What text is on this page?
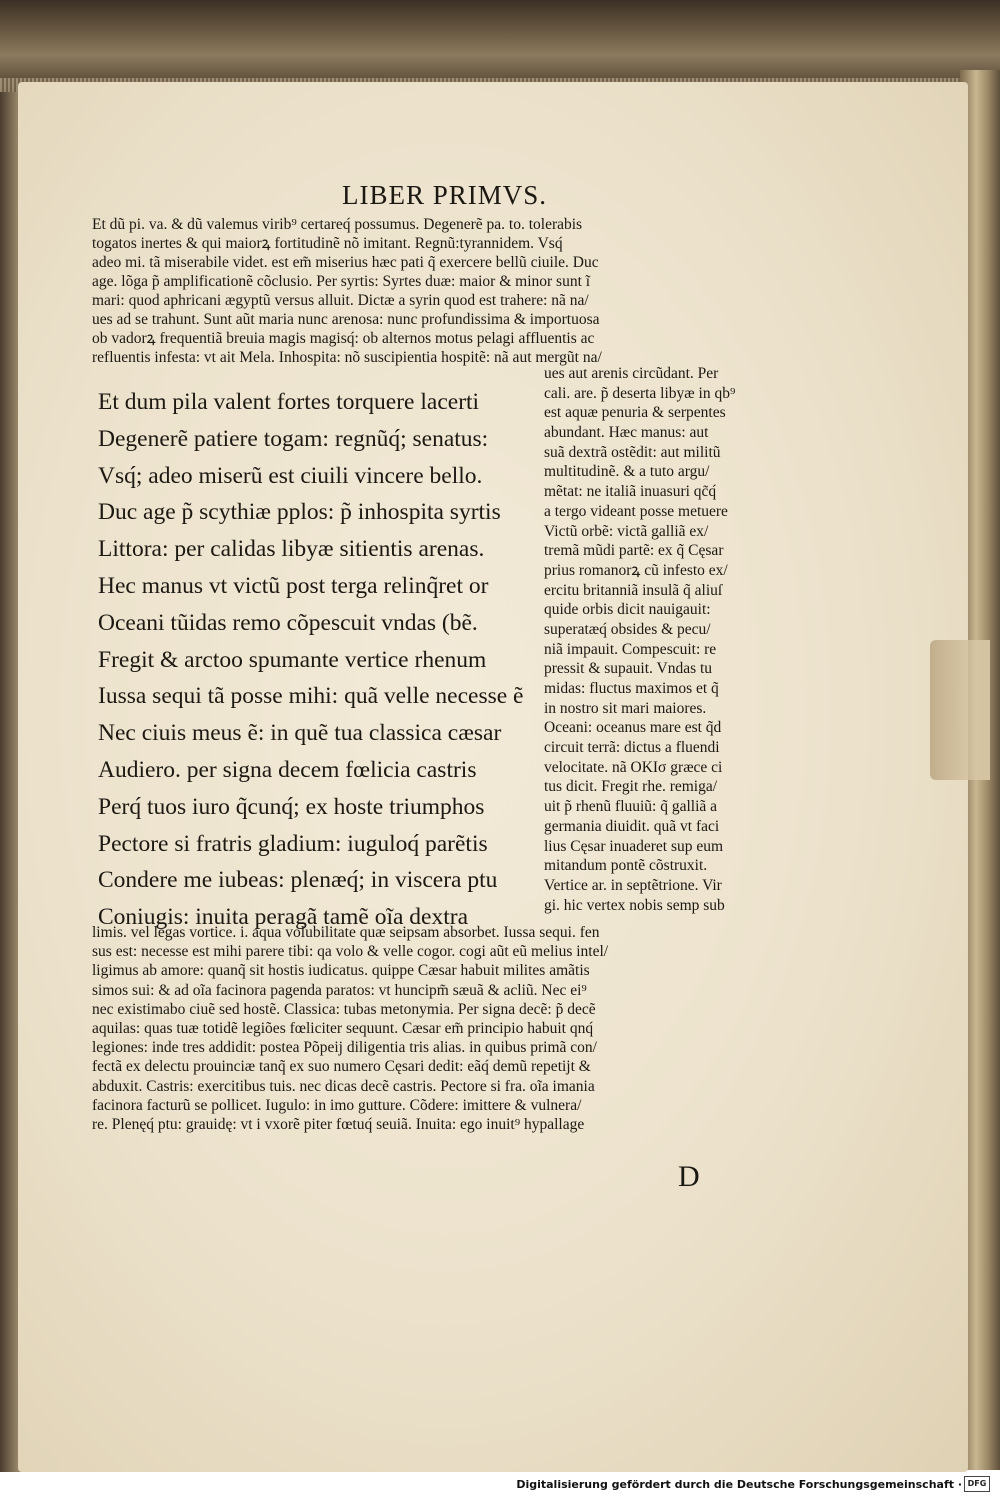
LIBER PRIMVS.
Et dũ pi. va. & dũ valemus virib⁹ certareq́ possumus. Degenerẽ pa. to. tolerabis
togatos inertes & qui maiorꝝ fortitudinẽ nõ imitant. Regnũ:tyrannidem. Vsq́
adeo mi. tã miserabile videt. est em̃ miserius hæc pati q̃ exercere bellũ ciuile. Duc
age. lõga p̃ amplificationẽ cõclusio. Per syrtis: Syrtes duæ: maior & minor sunt ĩ
mari: quod aphricani ægyptũ versus alluit. Dictæ a syrin quod est trahere: nã na/
ues ad se trahunt. Sunt aũt maria nunc arenosa: nunc profundissima & importuosa
ob vadorꝝ frequentiã breuia magis magisq́: ob alternos motus pelagi affluentis ac
refluentis infesta: vt ait Mela. Inhospita: nõ suscipientia hospitẽ: nã aut mergũt na/
Et dum pila valent fortes torquere lacerti
Degenerẽ patiere togam: regnũq́; senatus:
Vsq́; adeo miserũ est ciuili vincere bello.
Duc age p̃ scythiæ pplos: p̃ inhospita syrtis
Littora: per calidas libyæ sitientis arenas.
Hec manus vt victũ post terga relinq̃ret or
Oceani tũidas remo cõpescuit vndas (bẽ.
Fregit & arctoo spumante vertice rhenum
Iussa sequi tã posse mihi: quã velle necesse ẽ
Nec ciuis meus ẽ: in quẽ tua classica cæsar
Audiero. per signa decem fœlicia castris
Perq́ tuos iuro q̃cunq́; ex hoste triumphos
Pectore si fratris gladium: iuguloq́ parẽtis
Condere me iubeas: plenæq́; in viscera ptu
Coniugis: inuita peragã tamẽ oĩa dextra
ues aut arenis circũdant. Per
cali. are. p̃ deserta libyæ in qb⁹
est aquæ penuria & serpentes
abundant. Hæc manus: aut
suã dextrã ostẽdit: aut militũ
multitudinẽ. & a tuto argu/
mẽtat: ne italiã inuasuri qc̃q́
a tergo videant posse metuere
Victũ orbẽ: victã galliã ex/
tremã mũdi partẽ: ex q̃ Cęsar
prius romanorꝝ cũ infesto ex/
ercitu britanniã insulã q̃ aliuſ
quide orbis dicit nauigauit:
superatæq́ obsides & pecu/
niã impauit. Compescuit: re
pressit & supauit. Vndas tu
midas: fluctus maximos et q̃
in nostro sit mari maiores.
Oceani: oceanus mare est q̃d
circuit terrã: dictus a fluendi
velocitate. nã ΟΚΙσ græce ci
tus dicit. Fregit rhe. remiga/
uit p̃ rhenũ fluuiũ: q̃ galliã a
germania diuidit. quã vt faci
lius Cęsar inuaderet sup eum
mitandum pontẽ cõstruxit.
Vertice ar. in septẽtrione. Vir
gi. hic vertex nobis semp sub
limis. vel legas vortice. i. aqua volubilitate quæ seipsam absorbet. Iussa sequi. fen
sus est: necesse est mihi parere tibi: qa volo & velle cogor. cogi aũt eũ melius intel/
ligimus ab amore: quanq̃ sit hostis iudicatus. quippe Cæsar habuit milites amãtis
simos sui: & ad oĩa facinora pagenda paratos: vt huncipm̃ sæuã & acliũ. Nec ei⁹
nec existimabo ciuẽ sed hostẽ. Classica: tubas metonymia. Per signa decẽ: p̃ decẽ
aquilas: quas tuæ totidẽ legiões fœliciter sequunt. Cæsar em̃ principio habuit qnq́
legiones: inde tres addidit: postea Põpeij diligentia tris alias. in quibus primã con/
fectã ex delectu prouinciæ tanq̃ ex suo numero Cęsari dedit: eãq́ demũ repetijt &
abduxit. Castris: exercitibus tuis. nec dicas decẽ castris. Pectore si fra. oĩa imania
facinora facturũ se pollicet. Iugulo: in imo gutture. Cõdere: imittere & vulnera/
re. Plenęq́ ptu: grauidę: vt i vxorẽ piter fœtuq́ seuiã. Inuita: ego inuit⁹ hypallage
D
Digitalisierung gefördert durch die Deutsche Forschungsgemeinschaft · DFG
